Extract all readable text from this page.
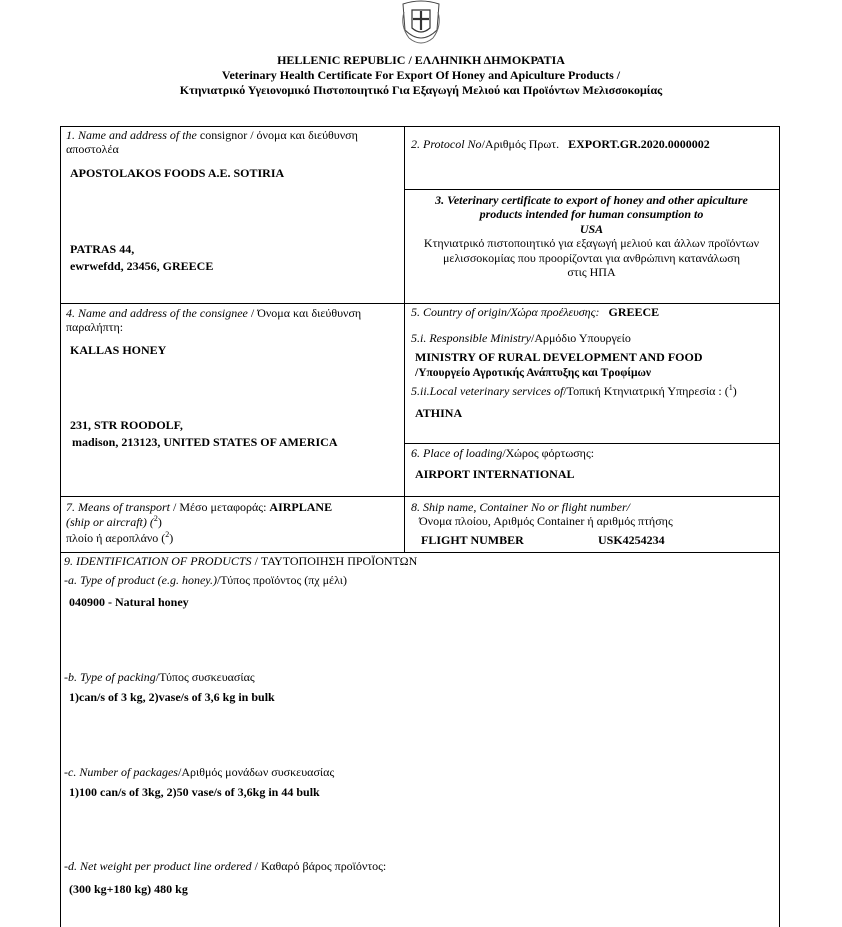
HELLENIC REPUBLIC / ΕΛΛΗΝΙΚΗ ΔΗΜΟΚΡΑΤΙΑ
Veterinary Health Certificate For Export Of Honey and Apiculture Products /
Κτηνιατρικό Υγειονομικό Πιστοποιητικό Για Εξαγωγή Μελιού και Προϊόντων Μελισσοκομίας
1. Name and address of the consignor / όνομα και διεύθυνση
αποστολέα
APOSTOLAKOS FOODS A.E. SOTIRIA
PATRAS 44,
ewrwefdd, 23456, GREECE
2. Protocol No/Αριθμός Πρωτ. EXPORT.GR.2020.0000002
3. Veterinary certificate to export of honey and other apiculture
products intended for human consumption to
USA
Κτηνιατρικό πιστοποιητικό για εξαγωγή μελιού και άλλων προϊόντων
μελισσοκομίας που προορίζονται για ανθρώπινη κατανάλωση
στις ΗΠΑ
4. Name and address of the consignee / Όνομα και διεύθυνση
παραλήπτη:
KALLAS HONEY
231, STR ROODOLF,
madison, 213123, UNITED STATES OF AMERICA
5. Country of origin/Χώρα προέλευσης: GREECE
5.i. Responsible Ministry/Αρμόδιο Υπουργείο
MINISTRY OF RURAL DEVELOPMENT AND FOOD
/Υπουργείο Αγροτικής Ανάπτυξης και Τροφίμων
5.ii.Local veterinary services of/Τοπική Κτηνιατρική Υπηρεσία : ($^1$)
ATHINA
6. Place of loading/Χώρος φόρτωσης:
AIRPORT INTERNATIONAL
7. Means of transport / Μέσο μεταφοράς: AIRPLANE
(ship or aircraft) ($^2$)
πλοίο ή αεροπλάνο ($^2$)
8. Ship name, Container No or flight number/
Όνομα πλοίου, Αριθμός Container ή αριθμός πτήσης
FLIGHT NUMBER	USK4254234
9. IDENTIFICATION OF PRODUCTS / ΤΑΥΤΟΠΟΙΗΣΗ ΠΡΟΪΟΝΤΩΝ
-a. Type of product (e.g. honey.)/Τύπος προϊόντος (πχ μέλι)
040900 - Natural honey
-b. Type of packing/Τύπος συσκευασίας
1)can/s of 3 kg, 2)vase/s of 3,6 kg in bulk
-c. Number of packages/Αριθμός μονάδων συσκευασίας
1)100 can/s of 3kg, 2)50 vase/s of 3,6kg in 44 bulk
-d. Net weight per product line ordered / Καθαρό βάρος προϊόντος:
(300 kg+180 kg) 480 kg
